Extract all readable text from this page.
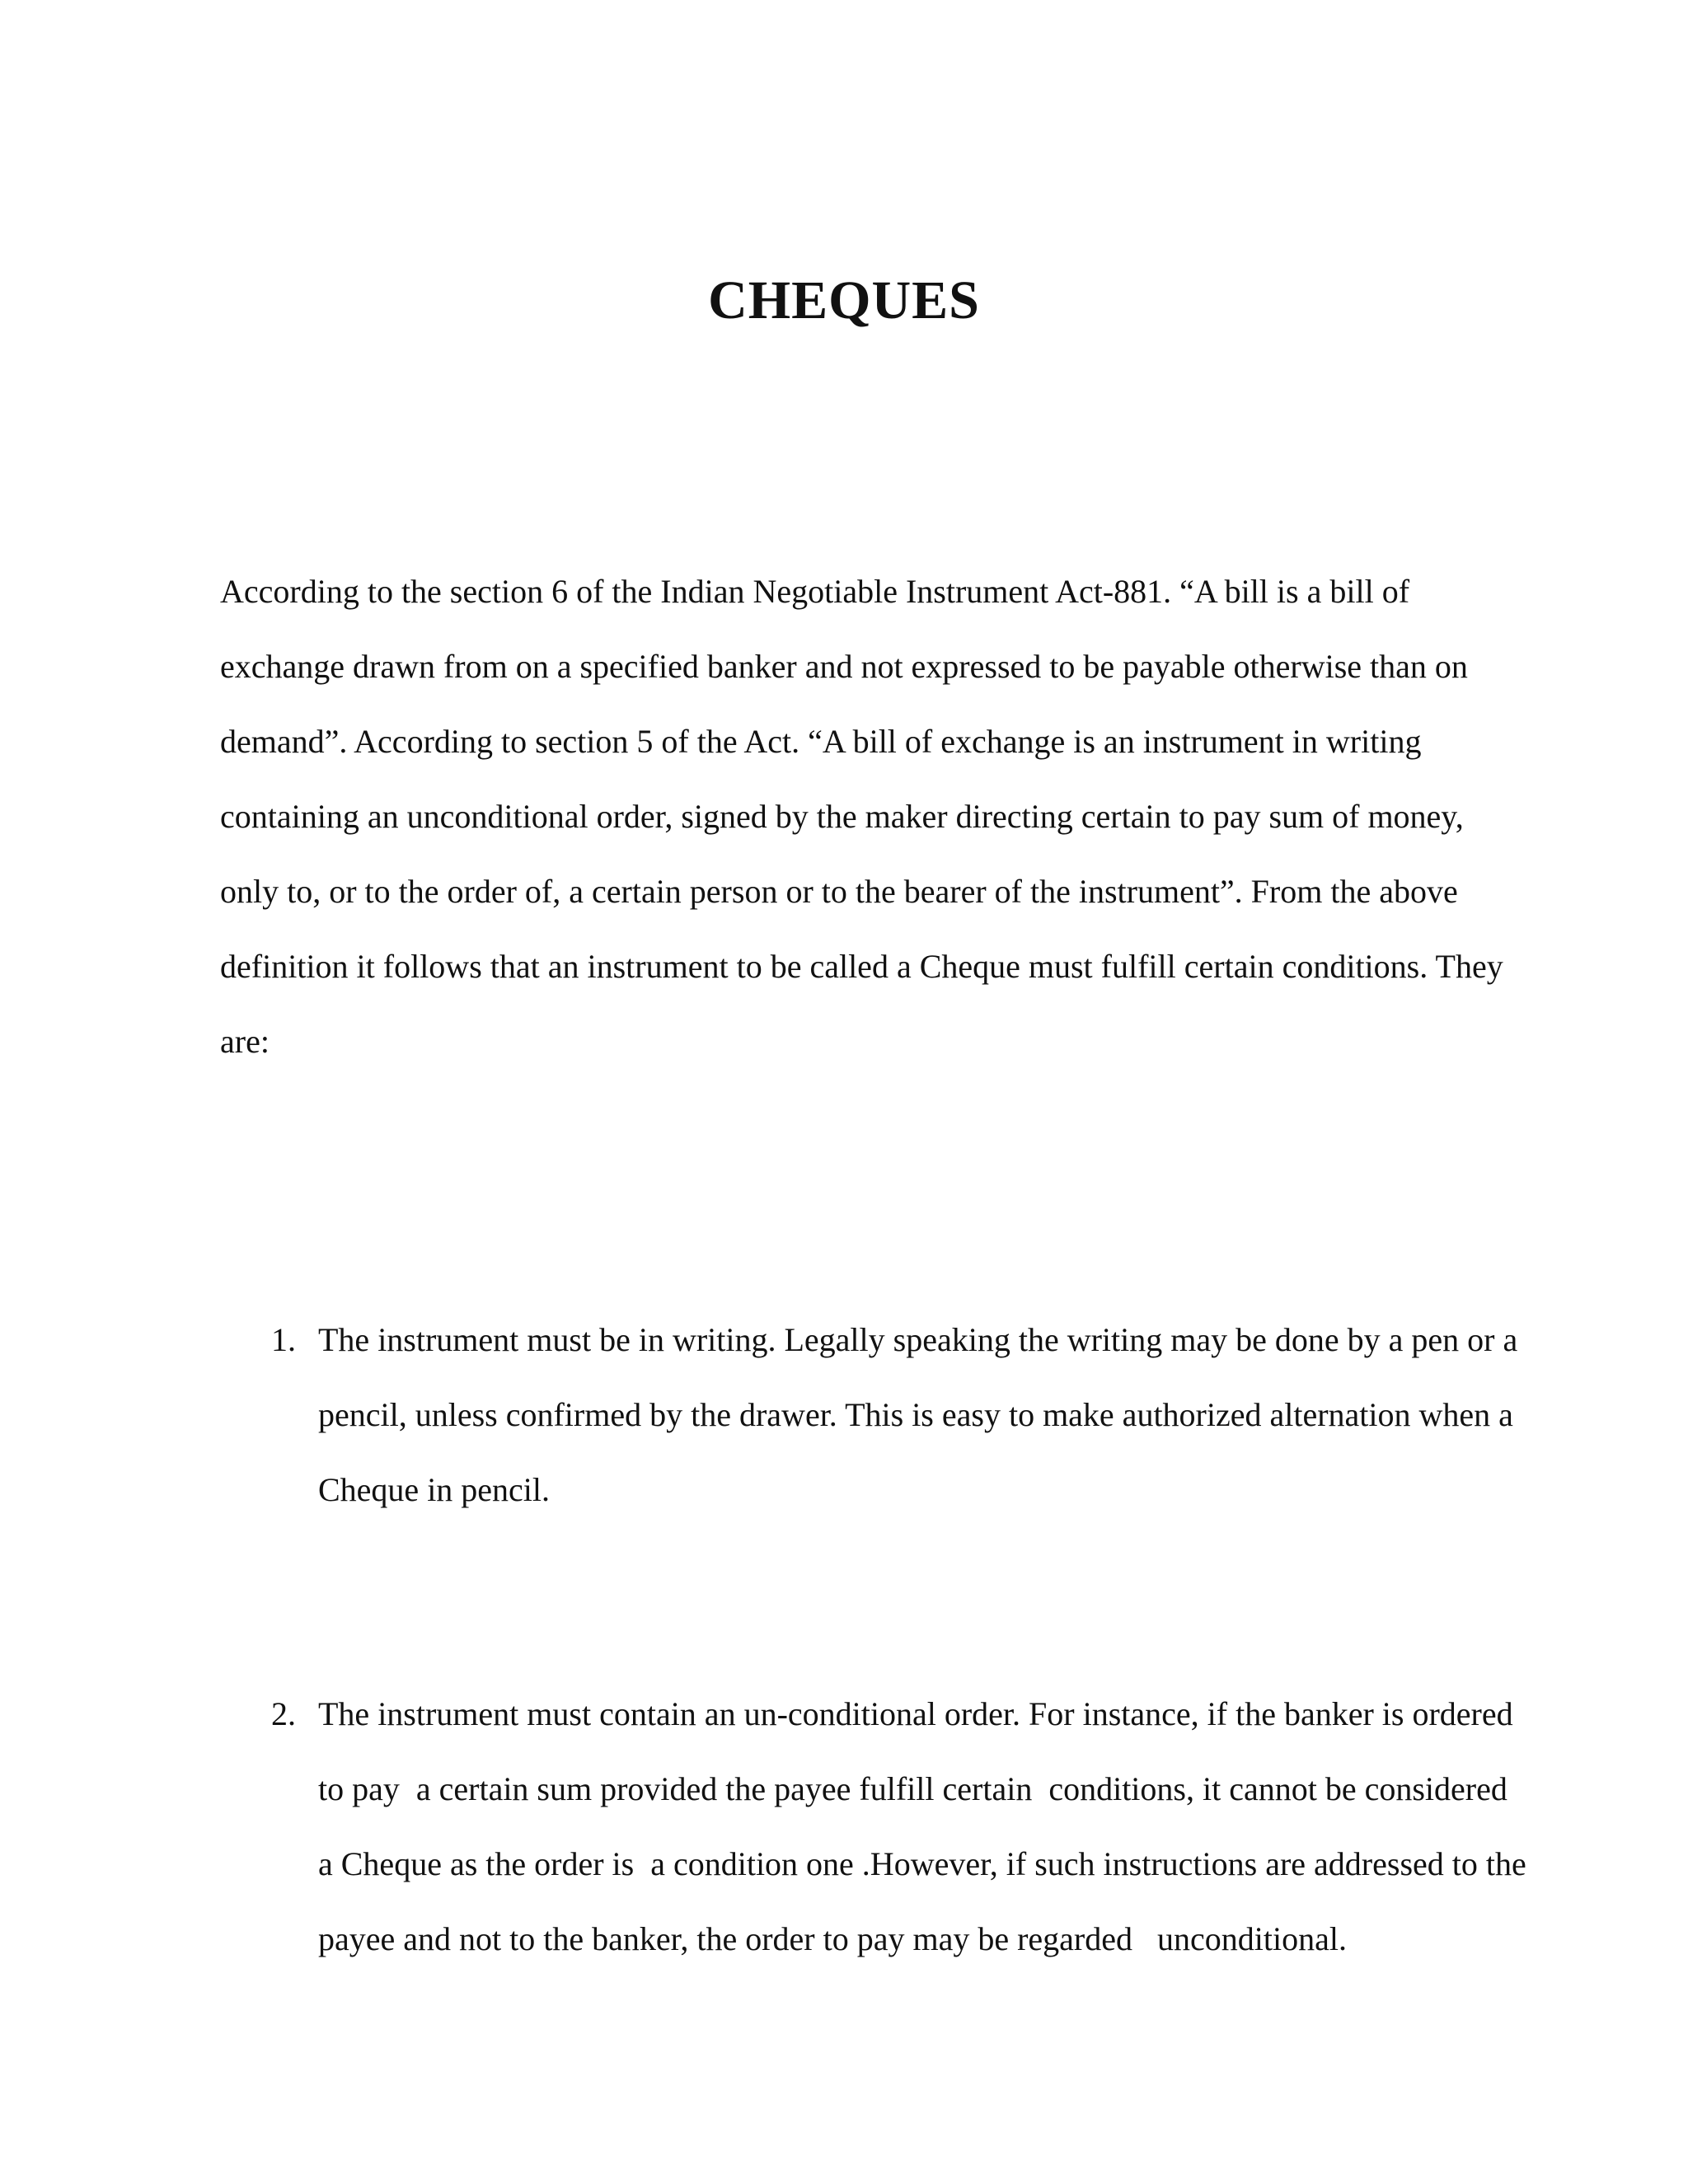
CHEQUES
According to the section 6 of the Indian Negotiable Instrument Act-881. “A bill is a bill of
exchange drawn from on a specified banker and not expressed to be payable otherwise than on
demand”. According to section 5 of the Act. “A bill of exchange is an instrument in writing
containing an unconditional order, signed by the maker directing certain to pay sum of money,
only to, or to the order of, a certain person or to the bearer of the instrument”. From the above
definition it follows that an instrument to be called a Cheque must fulfill certain conditions. They
are:
1. The instrument must be in writing. Legally speaking the writing may be done by a pen or a
pencil, unless confirmed by the drawer. This is easy to make authorized alternation when a
Cheque in pencil.
2. The instrument must contain an un-conditional order. For instance, if the banker is ordered
to pay  a certain sum provided the payee fulfill certain  conditions, it cannot be considered
a Cheque as the order is  a condition one .However, if such instructions are addressed to the
payee and not to the banker, the order to pay may be regarded   unconditional.
